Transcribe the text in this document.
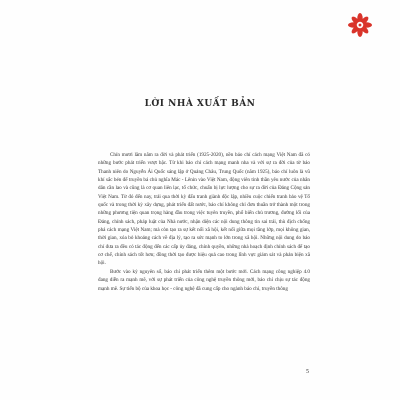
LỜI NHÀ XUẤT BẢN

Chín mươi lăm năm ra đời và phát triển (1925-2020), nền báo chí cách mạng Việt Nam đã có những bước phát triển vượt bậc. Từ khi báo chí cách mạng manh nha và với sự ra đời của tờ báo Thanh niên do Nguyễn Ái Quốc sáng lập ở Quảng Châu, Trung Quốc (năm 1925), báo chí luôn là vũ khí sắc bén để truyền bá chủ nghĩa Mác - Lênin vào Việt Nam, động viên tinh thần yêu nước của nhân dân cần lao và cũng là cơ quan liên lạc, tổ chức, chuẩn bị lực lượng cho sự ra đời của Đảng Cộng sản Việt Nam. Từ đó đến nay, trải qua thời kỳ đấu tranh giành độc lập, nhiều cuộc chiến tranh bảo vệ Tổ quốc và trong thời kỳ xây dựng, phát triển đất nước, báo chí không chỉ đơn thuần trở thành một trong những phương tiện quan trọng hàng đầu trong việc tuyên truyền, phổ biến chủ trương, đường lối của Đảng, chính sách, pháp luật của Nhà nước, nhận diện các nội dung thông tin sai trái, thù địch chống phá cách mạng Việt Nam; mà còn tạo ra sự kết nối xã hội, kết nối giữa mọi tầng lớp, mọi không gian, thời gian, xóa bỏ khoảng cách về địa lý, tạo ra sức mạnh to lớn trong xã hội. Những nội dung do báo chí đưa ra đều có tác động đến các cấp ủy đảng, chính quyền, những nhà hoạch định chính sách để tạo cơ chế, chính sách tốt hơn; đồng thời tạo được hiệu quả cao trong lĩnh vực giám sát và phản biện xã hội.

Bước vào kỷ nguyên số, báo chí phát triển thêm một bước mới. Cách mạng công nghiệp 4.0 đang diễn ra mạnh mẽ, với sự phát triển của công nghệ truyền thông mới, báo chí chịu sự tác động mạnh mẽ. Sự tiến bộ của khoa học - công nghệ đã cung cấp cho ngành báo chí, truyền thông

5
